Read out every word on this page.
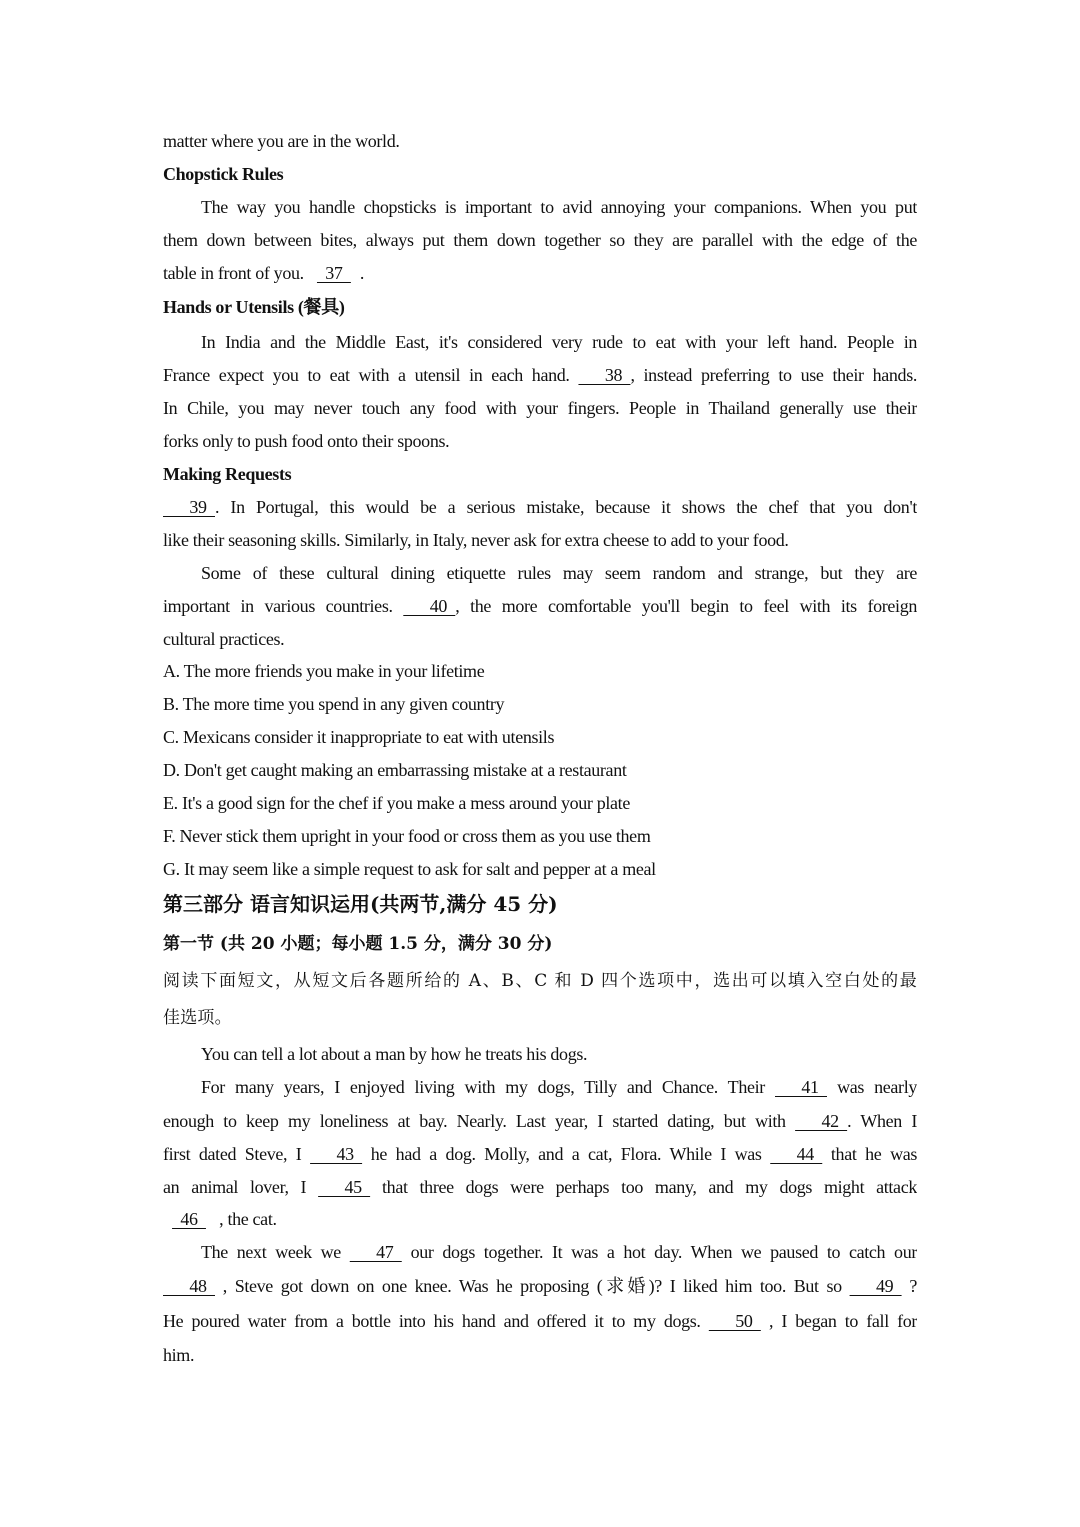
matter where you are in the world.
Chopstick Rules
The way you handle chopsticks is important to avid annoying your companions. When you put
them down between bites, always put them down together so they are parallel with the edge of the
table in front of you.   37  .
Hands or Utensils (餐具)
In India and the Middle East, it's considered very rude to eat with your left hand. People in
France expect you to eat with a utensil in each hand.   38  , instead preferring to use their hands.
In Chile, you may never touch any food with your fingers. People in Thailand generally use their
forks only to push food onto their spoons.
Making Requests
39  . In Portugal, this would be a serious mistake, because it shows the chef that you don't
like their seasoning skills. Similarly, in Italy, never ask for extra cheese to add to your food.
Some of these cultural dining etiquette rules may seem random and strange, but they are
important in various countries.   40  , the more comfortable you'll begin to feel with its foreign
cultural practices.
A. The more friends you make in your lifetime
B. The more time you spend in any given country
C. Mexicans consider it inappropriate to eat with utensils
D. Don't get caught making an embarrassing mistake at a restaurant
E. It's a good sign for the chef if you make a mess around your plate
F. Never stick them upright in your food or cross them as you use them
G. It may seem like a simple request to ask for salt and pepper at a meal
第三部分 语言知识运用(共两节,满分 45 分)
第一节 (共 20 小题；每小题 1.5 分，满分 30 分)
阅读下面短文，从短文后各题所给的 A、B、C 和 D 四个选项中，选出可以填入空白处的最
佳选项。
You can tell a lot about a man by how he treats his dogs.
For many years, I enjoyed living with my dogs, Tilly and Chance. Their   41   was nearly
enough to keep my loneliness at bay. Nearly. Last year, I started dating, but with   42  . When I
first dated Steve, I   43   he had a dog. Molly, and a cat, Flora. While I was   44   that he was
an animal lover, I   45   that three dogs were perhaps too many, and my dogs might attack
46   , the cat.
The next week we   47   our dogs together. It was a hot day. When we paused to catch our
48   , Steve got down on one knee. Was he proposing (求婚)? I liked him too. But so   49   ?
He poured water from a bottle into his hand and offered it to my dogs.   50   , I began to fall for
him.
